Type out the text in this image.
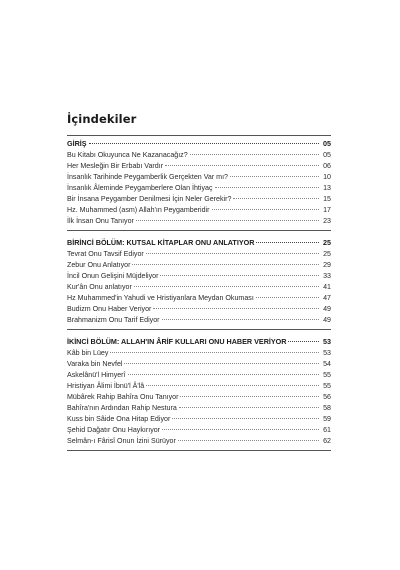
İçindekiler
GİRİŞ	05
Bu Kitabı Okuyunca Ne Kazanacağız?	05
Her Mesleğin Bir Erbabı Vardır	06
İnsanlık Tarihinde Peygamberlik Gerçekten Var mı?	10
İnsanlık Âleminde Peygamberlere Olan İhtiyaç	13
Bir İnsana Peygamber Denilmesi İçin Neler Gerekir?	15
Hz. Muhammed (asm) Allah'ın Peygamberidir	17
İlk İnsan Onu Tanıyor	23
BİRİNCİ BÖLÜM: KUTSAL KİTAPLAR ONU ANLATIYOR	25
Tevrat Onu Tavsif Ediyor	25
Zebur Onu Anlatıyor	29
İncil Onun Gelişini Müjdeliyor	33
Kur'ân Onu anlatıyor	41
Hz Muhammed'in Yahudi ve Hristiyanlara Meydan Okuması	47
Budizm Onu Haber Veriyor	49
Brahmanizm Onu Tarif Ediyor	49
İKİNCİ BÖLÜM: ALLAH'IN ÂRİF KULLARI ONU HABER VERİYOR	53
Kâb bin Lüey	53
Varaka bin Nevfel	54
Askelânü'l Himyerî	55
Hristiyan Âlimi İbnü'l Â'lâ	55
Mübârek Rahip Bahîra Onu Tanıyor	56
Bahîra'nın Ardından Rahip Nestura	58
Kuss bin Sâide Ona Hitap Ediyor	59
Şehid Dağatır Onu Haykırıyor	61
Selmân-ı Fârisî Onun İzini Sürüyor	62
